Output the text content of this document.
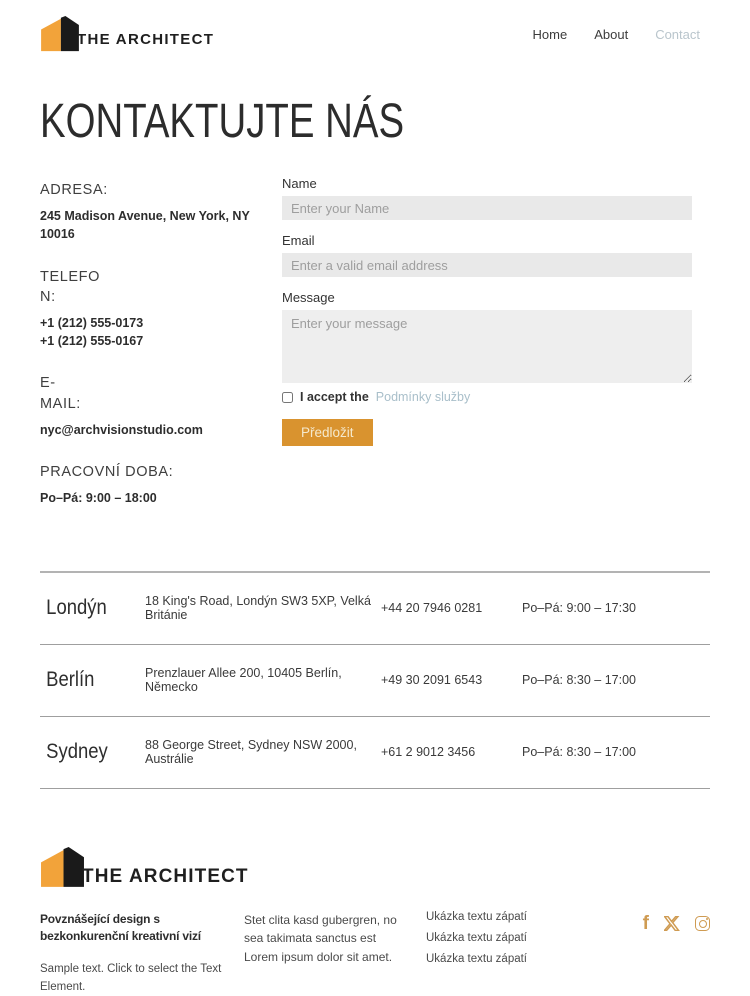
THE ARCHITECT	Home About Contact
KONTAKTUJTE NÁS
ADRESA:
245 Madison Avenue, New York, NY 10016
TELEFON:
+1 (212) 555-0173
+1 (212) 555-0167
E-MAIL:
nyc@archvisionstudio.com
PRACOVNÍ DOBA:
Po–Pá: 9:00 – 18:00
Name
Enter your Name
Email
Enter a valid email address
Message
Enter your message
I accept the Podmínky služby
Předložit
Londýn	18 King's Road, Londýn SW3 5XP, Velká Británie	+44 20 7946 0281	Po–Pá: 9:00 – 17:30
Berlín	Prenzlauer Allee 200, 10405 Berlín, Německo	+49 30 2091 6543	Po–Pá: 8:30 – 17:00
Sydney	88 George Street, Sydney NSW 2000, Austrálie	+61 2 9012 3456	Po–Pá: 8:30 – 17:00
THE ARCHITECT
Povznášející design s bezkonkurenční kreativní vizí
Sample text. Click to select the Text Element.
Stet clita kasd gubergren, no sea takimata sanctus est Lorem ipsum dolor sit amet.
Ukázka textu zápatí
Ukázka textu zápatí
Ukázka textu zápatí
f
